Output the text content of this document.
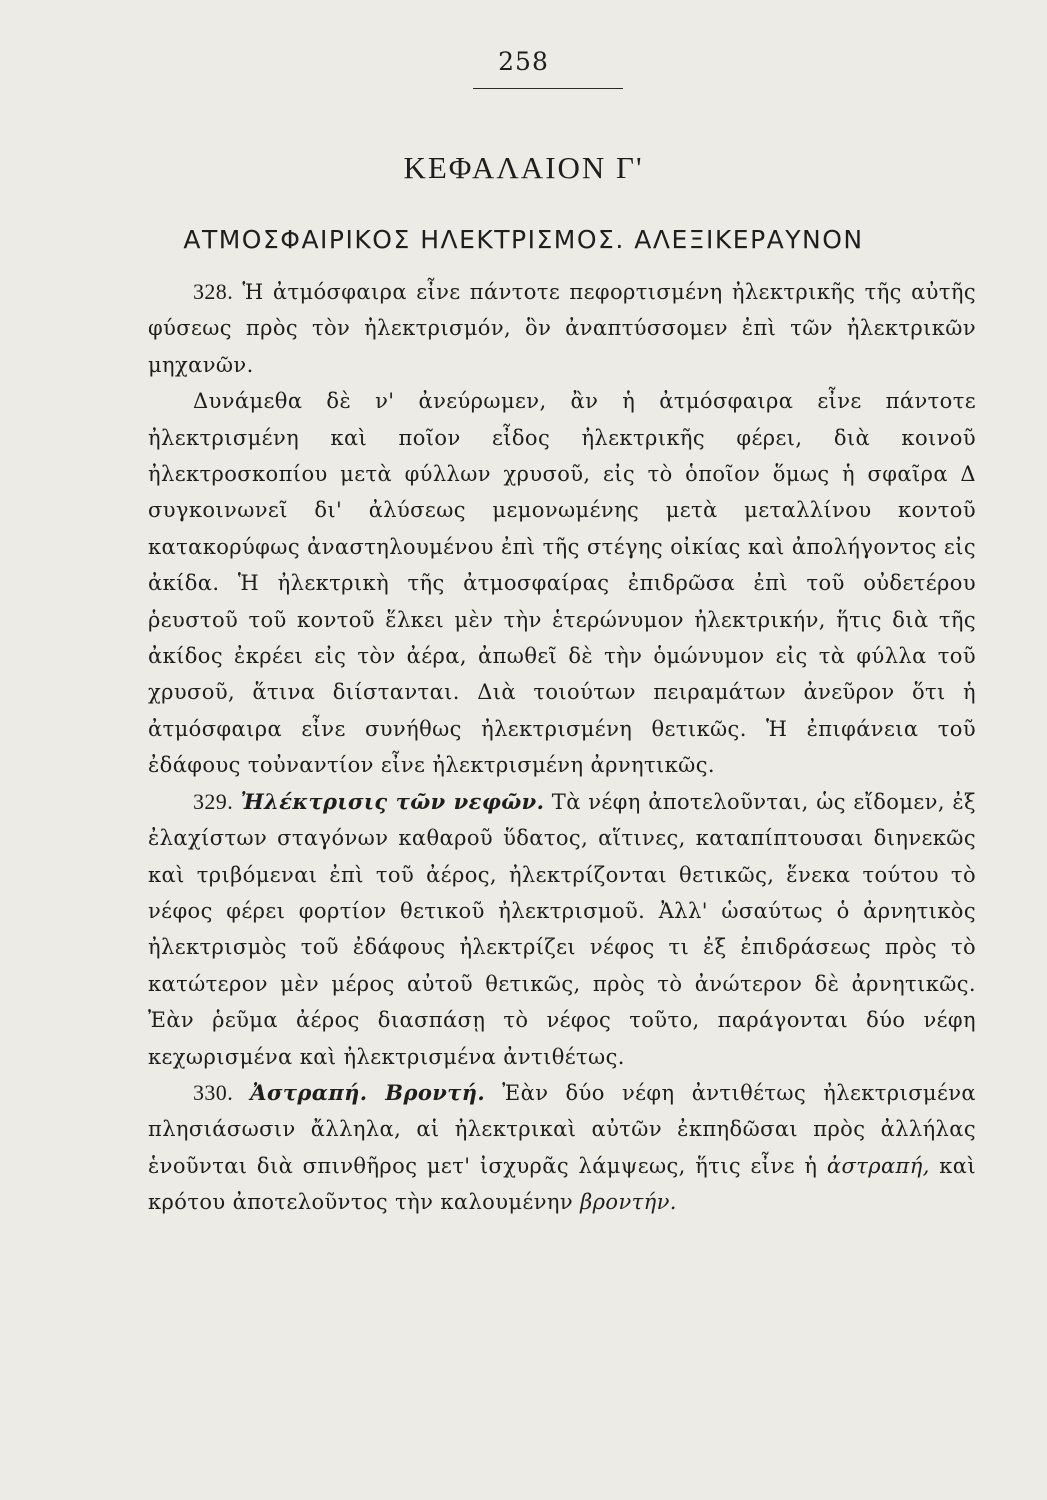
258
ΚΕΦΑΛΑΙΟΝ Γ'
ΑΤΜΟΣΦΑΙΡΙΚΟΣ ΗΛΕΚΤΡΙΣΜΟΣ. ΑΛΕΞΙΚΕΡΑΥΝΟΝ

328. Ἡ ἀτμόσφαιρα εἶνε πάντοτε πεφορτισμένη ἠλεκτρικῆς τῆς αὐτῆς φύσεως πρὸς τὸν ἠλεκτρισμόν, ὃν ἀναπτύσσομεν ἐπὶ τῶν ἠλεκτρικῶν μηχανῶν.

Δυνάμεθα δὲ ν' ἀνεύρωμεν, ἂν ἡ ἀτμόσφαιρα εἶνε πάντοτε ἠλεκτρισμένη καὶ ποῖον εἶδος ἠλεκτρικῆς φέρει, διὰ κοινοῦ ἠλεκτροσκοπίου μετὰ φύλλων χρυσοῦ, εἰς τὸ ὁποῖον ὅμως ἡ σφαῖρα Δ συγκοινωνεῖ δι' ἀλύσεως μεμονωμένης μετὰ μεταλλίνου κοντοῦ κατακορύφως ἀναστηλουμένου ἐπὶ τῆς στέγης οἰκίας καὶ ἀπολήγοντος εἰς ἀκίδα. Ἡ ἠλεκτρικὴ τῆς ἀτμοσφαίρας ἐπιδρῶσα ἐπὶ τοῦ οὐδετέρου ῥευστοῦ τοῦ κοντοῦ ἕλκει μὲν τὴν ἑτερώνυμον ἠλεκτρικήν, ἥτις διὰ τῆς ἀκίδος ἐκρέει εἰς τὸν ἀέρα, ἀπωθεῖ δὲ τὴν ὁμώνυμον εἰς τὰ φύλλα τοῦ χρυσοῦ, ἅτινα διίστανται. Διὰ τοιούτων πειραμάτων ἀνεῦρον ὅτι ἡ ἀτμόσφαιρα εἶνε συνήθως ἠλεκτρισμένη θετικῶς. Ἡ ἐπιφάνεια τοῦ ἐδάφους τοὐναντίον εἶνε ἠλεκτρισμένη ἀρνητικῶς.

329. Ἠλέκτρισις τῶν νεφῶν. Τὰ νέφη ἀποτελοῦνται, ὡς εἴδομεν, ἐξ ἐλαχίστων σταγόνων καθαροῦ ὕδατος, αἵτινες, καταπίπτουσαι διηνεκῶς καὶ τριβόμεναι ἐπὶ τοῦ ἀέρος, ἠλεκτρίζονται θετικῶς, ἕνεκα τούτου τὸ νέφος φέρει φορτίον θετικοῦ ἠλεκτρισμοῦ. Ἀλλ' ὡσαύτως ὁ ἀρνητικὸς ἠλεκτρισμὸς τοῦ ἐδάφους ἠλεκτρίζει νέφος τι ἐξ ἐπιδράσεως πρὸς τὸ κατώτερον μὲν μέρος αὐτοῦ θετικῶς, πρὸς τὸ ἀνώτερον δὲ ἀρνητικῶς. Ἐὰν ῥεῦμα ἀέρος διασπάσῃ τὸ νέφος τοῦτο, παράγονται δύο νέφη κεχωρισμένα καὶ ἠλεκτρισμένα ἀντιθέτως.

330. Ἀστραπή. Βροντή. Ἐὰν δύο νέφη ἀντιθέτως ἠλεκτρισμένα πλησιάσωσιν ἄλληλα, αἱ ἠλεκτρικαὶ αὐτῶν ἐκπηδῶσαι πρὸς ἀλλήλας ἑνοῦνται διὰ σπινθῆρος μετ' ἰσχυρᾶς λάμψεως, ἥτις εἶνε ἡ ἀστραπή, καὶ κρότου ἀποτελοῦντος τὴν καλουμένην βροντήν.
